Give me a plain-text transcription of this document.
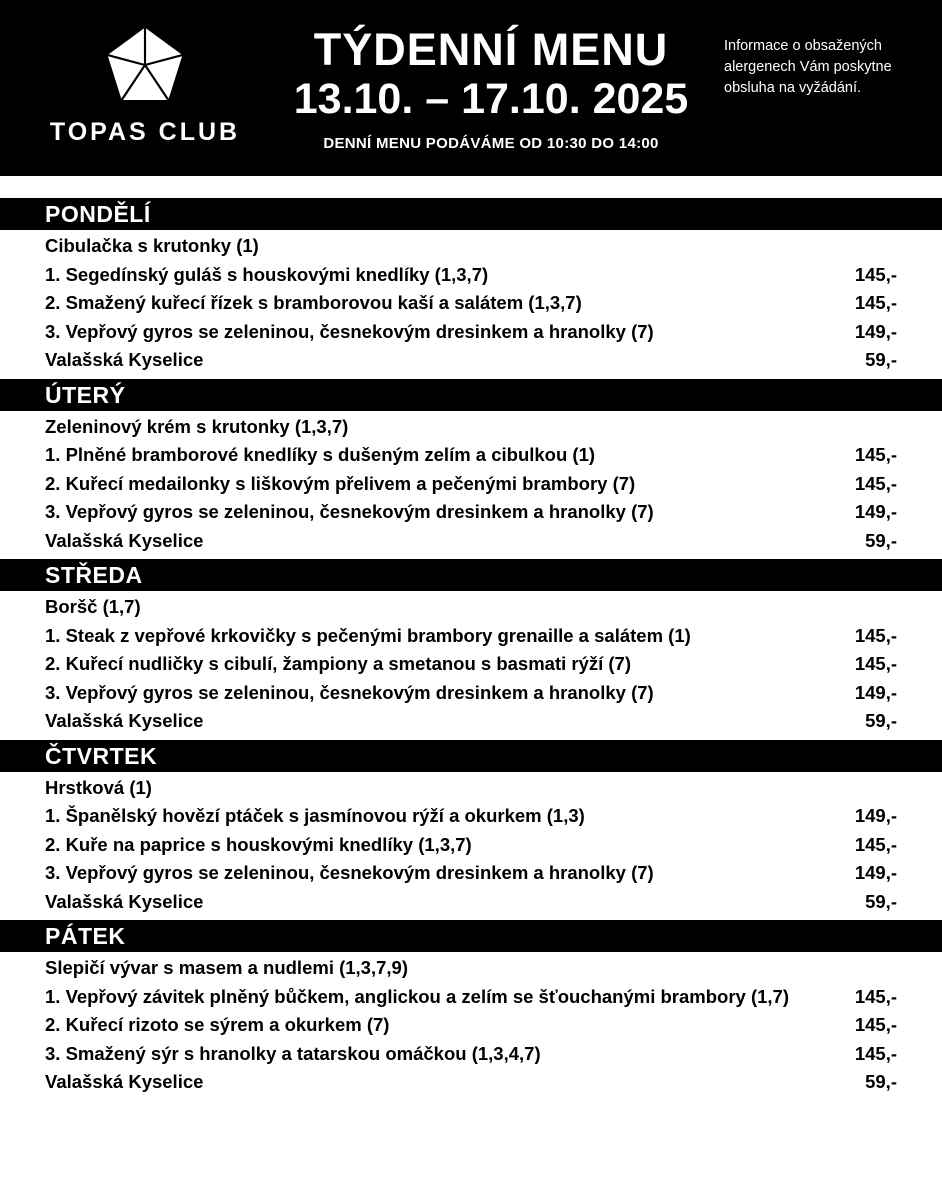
TOPAS CLUB
TÝDENNÍ MENU
13.10. – 17.10. 2025
DENNÍ MENU PODÁVÁME OD 10:30 DO 14:00
Informace o obsažených alergenech Vám poskytne obsluha na vyžádání.
PONDĚLÍ
Cibulačka s krutonky (1)
1. Segedínský guláš s houskovými knedlíky (1,3,7)	145,-
2. Smažený kuřecí řízek s bramborovou kaší a salátem (1,3,7)	145,-
3. Vepřový gyros se zeleninou, česnekovým dresinkem a hranolky (7)	149,-
Valašská Kyselice	59,-
ÚTERÝ
Zeleninový krém s krutonky (1,3,7)
1. Plněné bramborové knedlíky s dušeným zelím a cibulkou (1)	145,-
2. Kuřecí medailonky s liškovým přelivem a pečenými brambory (7)	145,-
3. Vepřový gyros se zeleninou, česnekovým dresinkem a hranolky (7)	149,-
Valašská Kyselice	59,-
STŘEDA
Boršč (1,7)
1. Steak z vepřové krkovičky s pečenými brambory grenaille a salátem (1)	145,-
2. Kuřecí nudličky s cibulí, žampiony a smetanou s basmati rýží (7)	145,-
3. Vepřový gyros se zeleninou, česnekovým dresinkem a hranolky (7)	149,-
Valašská Kyselice	59,-
ČTVRTEK
Hrstková (1)
1. Španělský hovězí ptáček s jasmínovou rýží a okurkem (1,3)	149,-
2. Kuře na paprice s houskovými knedlíky (1,3,7)	145,-
3. Vepřový gyros se zeleninou, česnekovým dresinkem a hranolky (7)	149,-
Valašská Kyselice	59,-
PÁTEK
Slepičí vývar s masem a nudlemi (1,3,7,9)
1. Vepřový závitek plněný bůčkem, anglickou a zelím se šťouchanými brambory (1,7)	145,-
2. Kuřecí rizoto se sýrem a okurkem (7)	145,-
3. Smažený sýr s hranolky a tatarskou omáčkou (1,3,4,7)	145,-
Valašská Kyselice	59,-
